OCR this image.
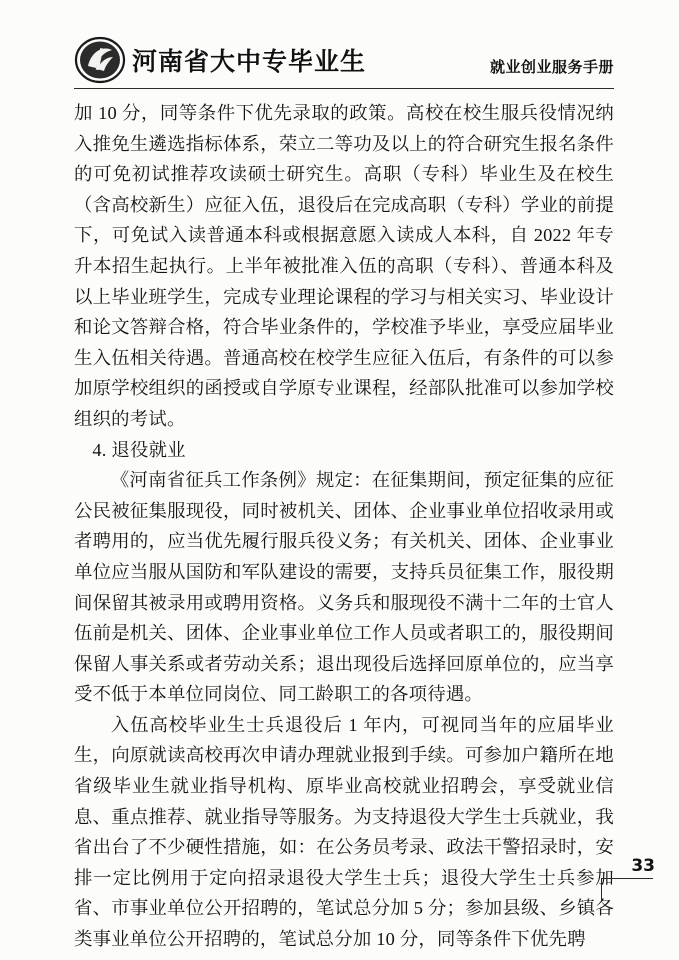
河南省大中专毕业生	就业创业服务手册

加 10 分，同等条件下优先录取的政策。高校在校生服兵役情况纳入推免生遴选指标体系，荣立二等功及以上的符合研究生报名条件的可免初试推荐攻读硕士研究生。高职（专科）毕业生及在校生（含高校新生）应征入伍，退役后在完成高职（专科）学业的前提下，可免试入读普通本科或根据意愿入读成人本科，自 2022 年专升本招生起执行。上半年被批准入伍的高职（专科）、普通本科及以上毕业班学生，完成专业理论课程的学习与相关实习、毕业设计和论文答辩合格，符合毕业条件的，学校准予毕业，享受应届毕业生入伍相关待遇。普通高校在校学生应征入伍后，有条件的可以参加原学校组织的函授或自学原专业课程，经部队批准可以参加学校组织的考试。

4. 退役就业

《河南省征兵工作条例》规定：在征集期间，预定征集的应征公民被征集服现役，同时被机关、团体、企业事业单位招收录用或者聘用的，应当优先履行服兵役义务；有关机关、团体、企业事业单位应当服从国防和军队建设的需要，支持兵员征集工作，服役期间保留其被录用或聘用资格。义务兵和服现役不满十二年的士官人伍前是机关、团体、企业事业单位工作人员或者职工的，服役期间保留人事关系或者劳动关系；退出现役后选择回原单位的，应当享受不低于本单位同岗位、同工龄职工的各项待遇。

入伍高校毕业生士兵退役后 1 年内，可视同当年的应届毕业生，向原就读高校再次申请办理就业报到手续。可参加户籍所在地省级毕业生就业指导机构、原毕业高校就业招聘会，享受就业信息、重点推荐、就业指导等服务。为支持退役大学生士兵就业，我省出台了不少硬性措施，如：在公务员考录、政法干警招录时，安排一定比例用于定向招录退役大学生士兵；退役大学生士兵参加省、市事业单位公开招聘的，笔试总分加 5 分；参加县级、乡镇各类事业单位公开招聘的，笔试总分加 10 分，同等条件下优先聘

33
